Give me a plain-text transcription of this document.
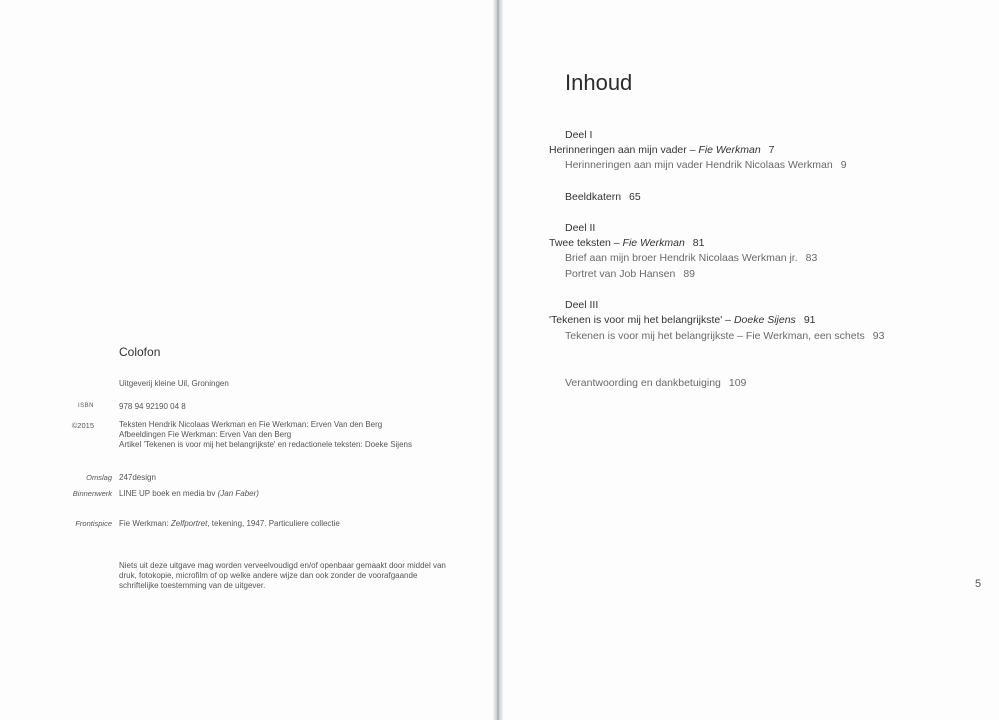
Colofon
Uitgeverij kleine Uil, Groningen
ISBN	978 94 92190 04 8
©2015	Teksten Hendrik Nicolaas Werkman en Fie Werkman: Erven Van den Berg
Afbeeldingen Fie Werkman: Erven Van den Berg
Artikel 'Tekenen is voor mij het belangrijkste' en redactionele teksten: Doeke Sijens
Omslag 247design
Binnenwerk LINE UP boek en media bv (Jan Faber)
Frontispice Fie Werkman: Zelfportret, tekening, 1947. Particuliere collectie
Niets uit deze uitgave mag worden verveelvoudigd en/of openbaar gemaakt door middel van druk, fotokopie, microfilm of op welke andere wijze dan ook zonder de voorafgaande schriftelijke toestemming van de uitgever.
Inhoud
Deel I
Herinneringen aan mijn vader – Fie Werkman 7
Herinneringen aan mijn vader Hendrik Nicolaas Werkman 9
Beeldkatern 65
Deel II
Twee teksten – Fie Werkman 81
Brief aan mijn broer Hendrik Nicolaas Werkman jr. 83
Portret van Job Hansen 89
Deel III
'Tekenen is voor mij het belangrijkste' – Doeke Sijens 91
Tekenen is voor mij het belangrijkste – Fie Werkman, een schets 93
Verantwoording en dankbetuiging 109
5
